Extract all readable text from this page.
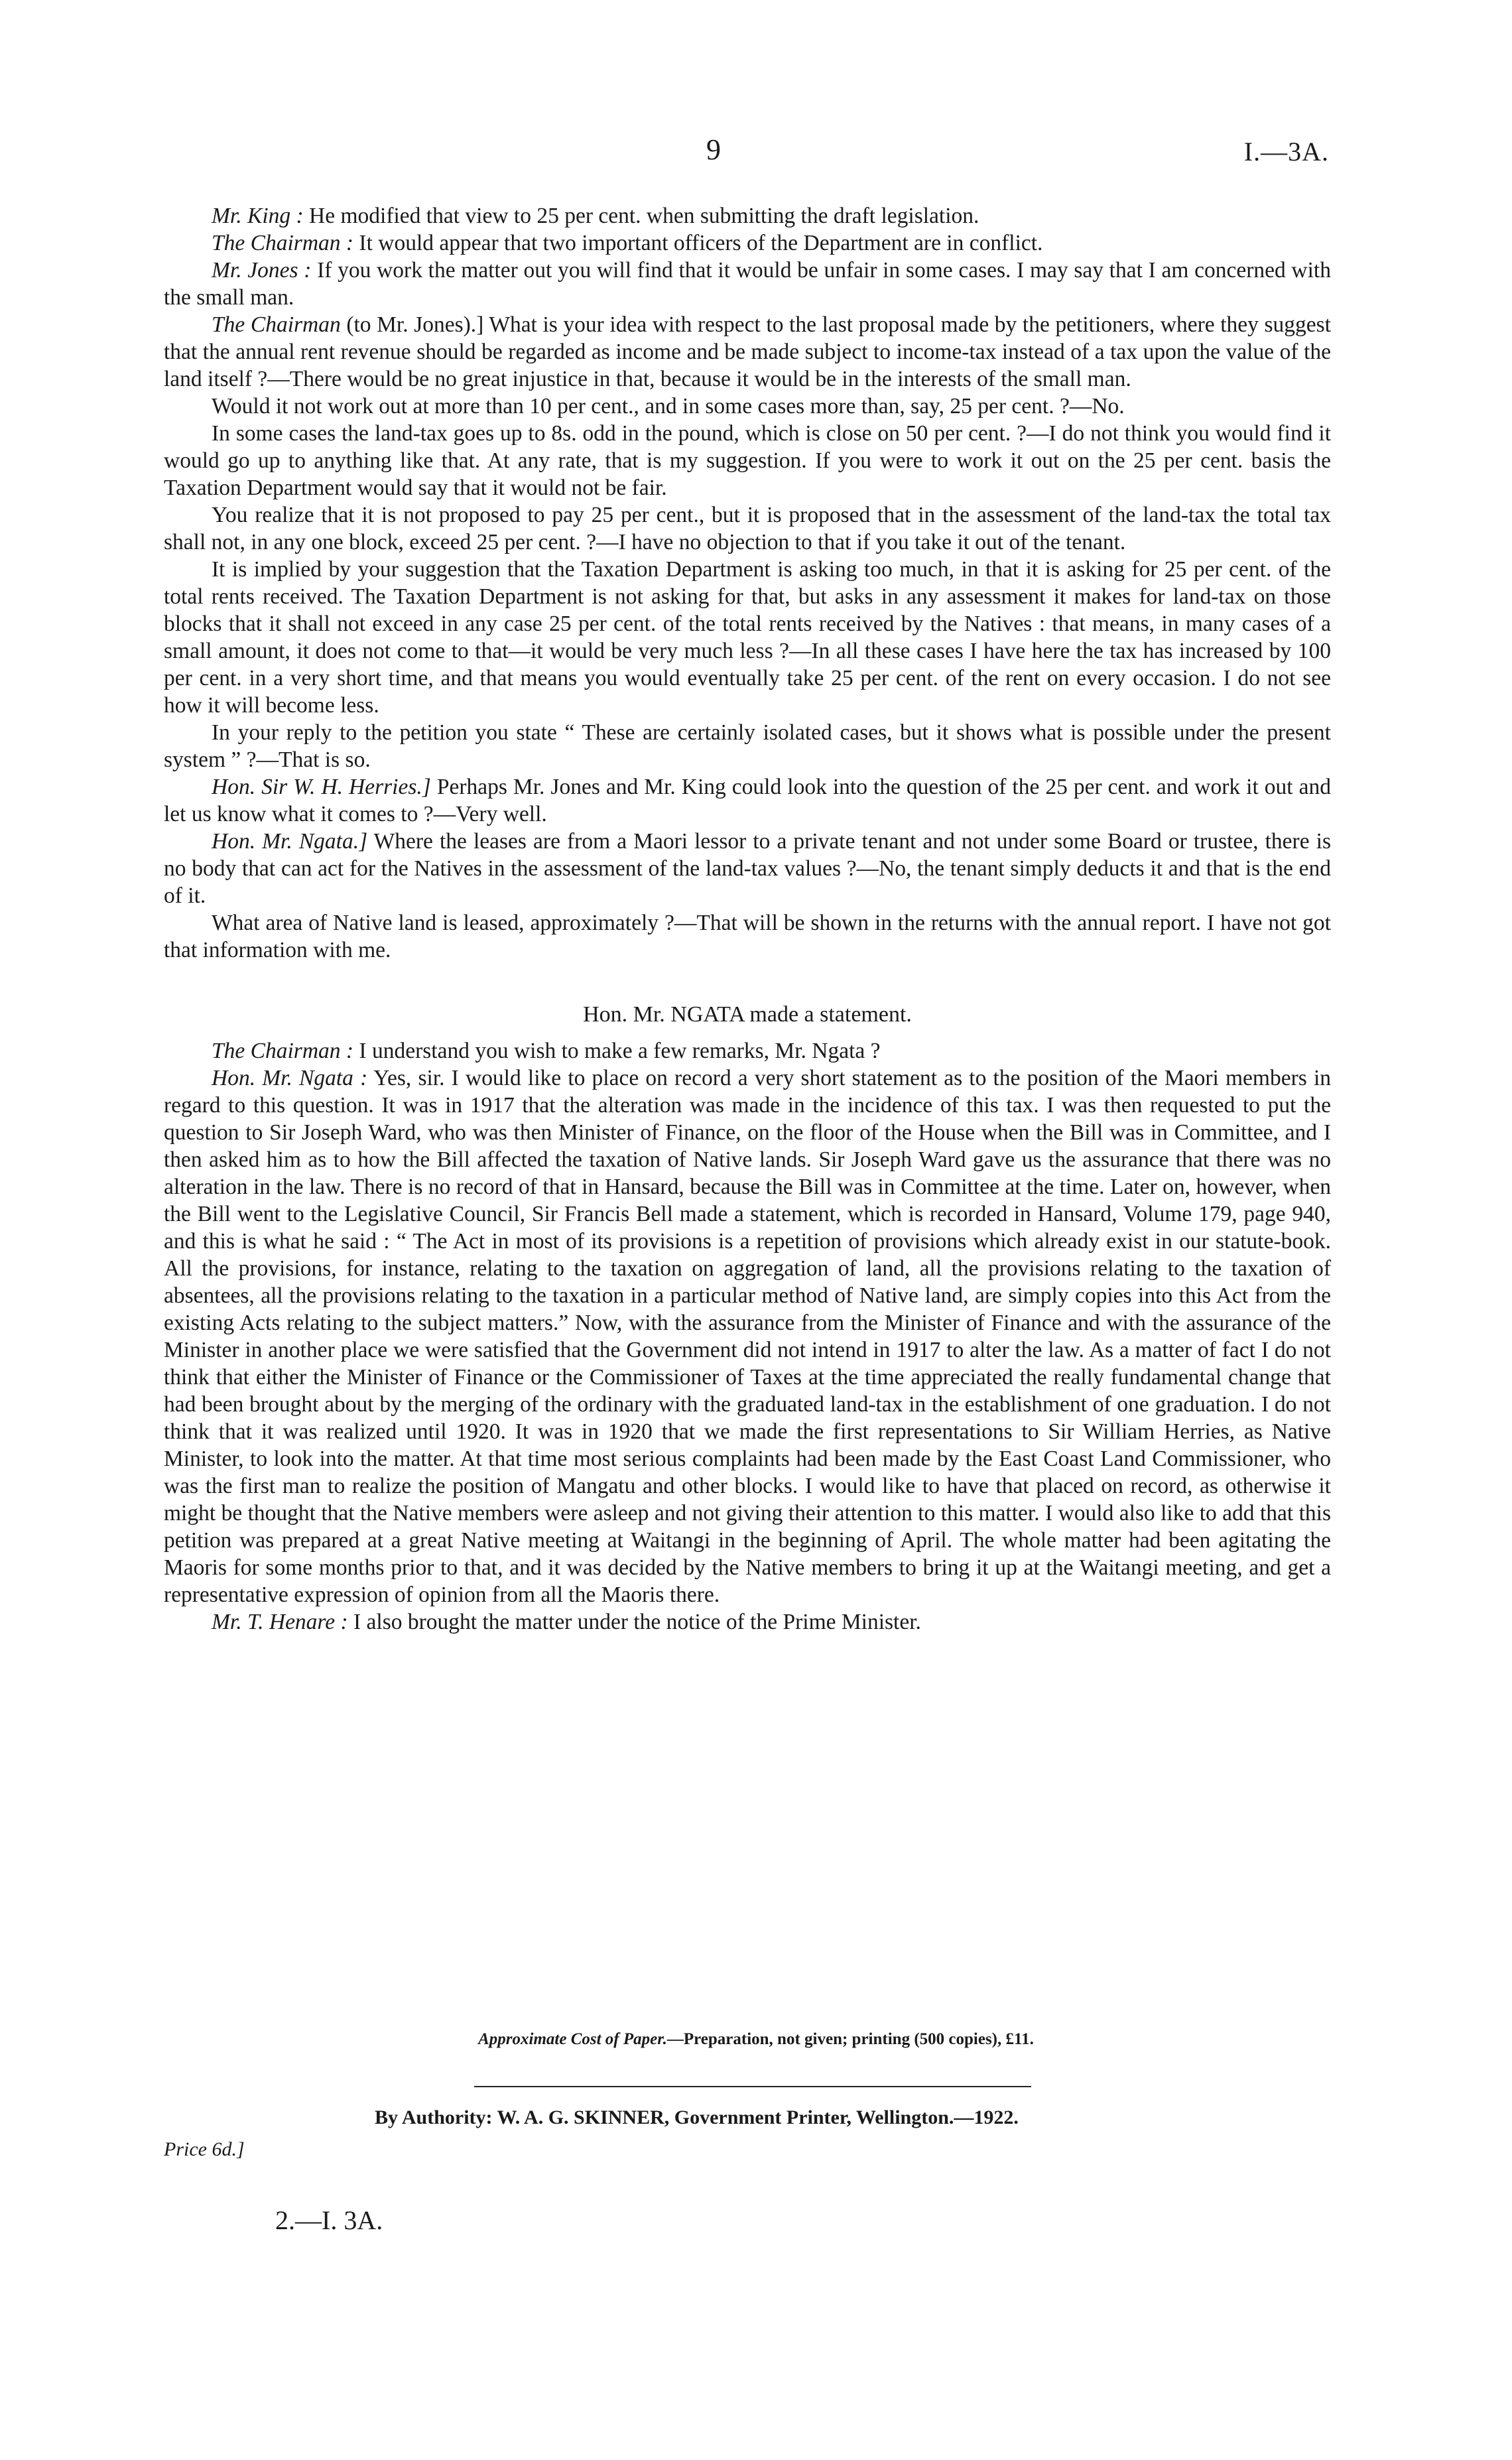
9	I.—3A.

Mr. King : He modified that view to 25 per cent. when submitting the draft legislation.

The Chairman : It would appear that two important officers of the Department are in conflict.

Mr. Jones : If you work the matter out you will find that it would be unfair in some cases. I may say that I am concerned with the small man.

The Chairman (to Mr. Jones).] What is your idea with respect to the last proposal made by the petitioners, where they suggest that the annual rent revenue should be regarded as income and be made subject to income-tax instead of a tax upon the value of the land itself ?—There would be no great injustice in that, because it would be in the interests of the small man.

Would it not work out at more than 10 per cent., and in some cases more than, say, 25 per cent. ?—No.

In some cases the land-tax goes up to 8s. odd in the pound, which is close on 50 per cent. ?—I do not think you would find it would go up to anything like that. At any rate, that is my suggestion. If you were to work it out on the 25 per cent. basis the Taxation Department would say that it would not be fair.

You realize that it is not proposed to pay 25 per cent., but it is proposed that in the assessment of the land-tax the total tax shall not, in any one block, exceed 25 per cent. ?—I have no objection to that if you take it out of the tenant.

It is implied by your suggestion that the Taxation Department is asking too much, in that it is asking for 25 per cent. of the total rents received. The Taxation Department is not asking for that, but asks in any assessment it makes for land-tax on those blocks that it shall not exceed in any case 25 per cent. of the total rents received by the Natives : that means, in many cases of a small amount, it does not come to that—it would be very much less ?—In all these cases I have here the tax has increased by 100 per cent. in a very short time, and that means you would eventually take 25 per cent. of the rent on every occasion. I do not see how it will become less.

In your reply to the petition you state “ These are certainly isolated cases, but it shows what is possible under the present system ” ?—That is so.

Hon. Sir W. H. Herries.] Perhaps Mr. Jones and Mr. King could look into the question of the 25 per cent. and work it out and let us know what it comes to ?—Very well.

Hon. Mr. Ngata.] Where the leases are from a Maori lessor to a private tenant and not under some Board or trustee, there is no body that can act for the Natives in the assessment of the land-tax values ?—No, the tenant simply deducts it and that is the end of it.

What area of Native land is leased, approximately ?—That will be shown in the returns with the annual report. I have not got that information with me.

Hon. Mr. NGATA made a statement.

The Chairman : I understand you wish to make a few remarks, Mr. Ngata ?

Hon. Mr. Ngata : Yes, sir. I would like to place on record a very short statement as to the position of the Maori members in regard to this question. It was in 1917 that the alteration was made in the incidence of this tax. I was then requested to put the question to Sir Joseph Ward, who was then Minister of Finance, on the floor of the House when the Bill was in Committee, and I then asked him as to how the Bill affected the taxation of Native lands. Sir Joseph Ward gave us the assurance that there was no alteration in the law. There is no record of that in Hansard, because the Bill was in Committee at the time. Later on, however, when the Bill went to the Legislative Council, Sir Francis Bell made a statement, which is recorded in Hansard, Volume 179, page 940, and this is what he said : “ The Act in most of its provisions is a repetition of provisions which already exist in our statute-book. All the provisions, for instance, relating to the taxation on aggregation of land, all the provisions relating to the taxation of absentees, all the provisions relating to the taxation in a particular method of Native land, are simply copies into this Act from the existing Acts relating to the subject matters.” Now, with the assurance from the Minister of Finance and with the assurance of the Minister in another place we were satisfied that the Government did not intend in 1917 to alter the law. As a matter of fact I do not think that either the Minister of Finance or the Commissioner of Taxes at the time appreciated the really fundamental change that had been brought about by the merging of the ordinary with the graduated land-tax in the establishment of one graduation. I do not think that it was realized until 1920. It was in 1920 that we made the first representations to Sir William Herries, as Native Minister, to look into the matter. At that time most serious complaints had been made by the East Coast Land Commissioner, who was the first man to realize the position of Mangatu and other blocks. I would like to have that placed on record, as otherwise it might be thought that the Native members were asleep and not giving their attention to this matter. I would also like to add that this petition was prepared at a great Native meeting at Waitangi in the beginning of April. The whole matter had been agitating the Maoris for some months prior to that, and it was decided by the Native members to bring it up at the Waitangi meeting, and get a representative expression of opinion from all the Maoris there.

Mr. T. Henare : I also brought the matter under the notice of the Prime Minister.

Approximate Cost of Paper.—Preparation, not given; printing (500 copies), £11.
By Authority: W. A. G. SKINNER, Government Printer, Wellington.—1922.
Price 6d.]
2.—I. 3A.
